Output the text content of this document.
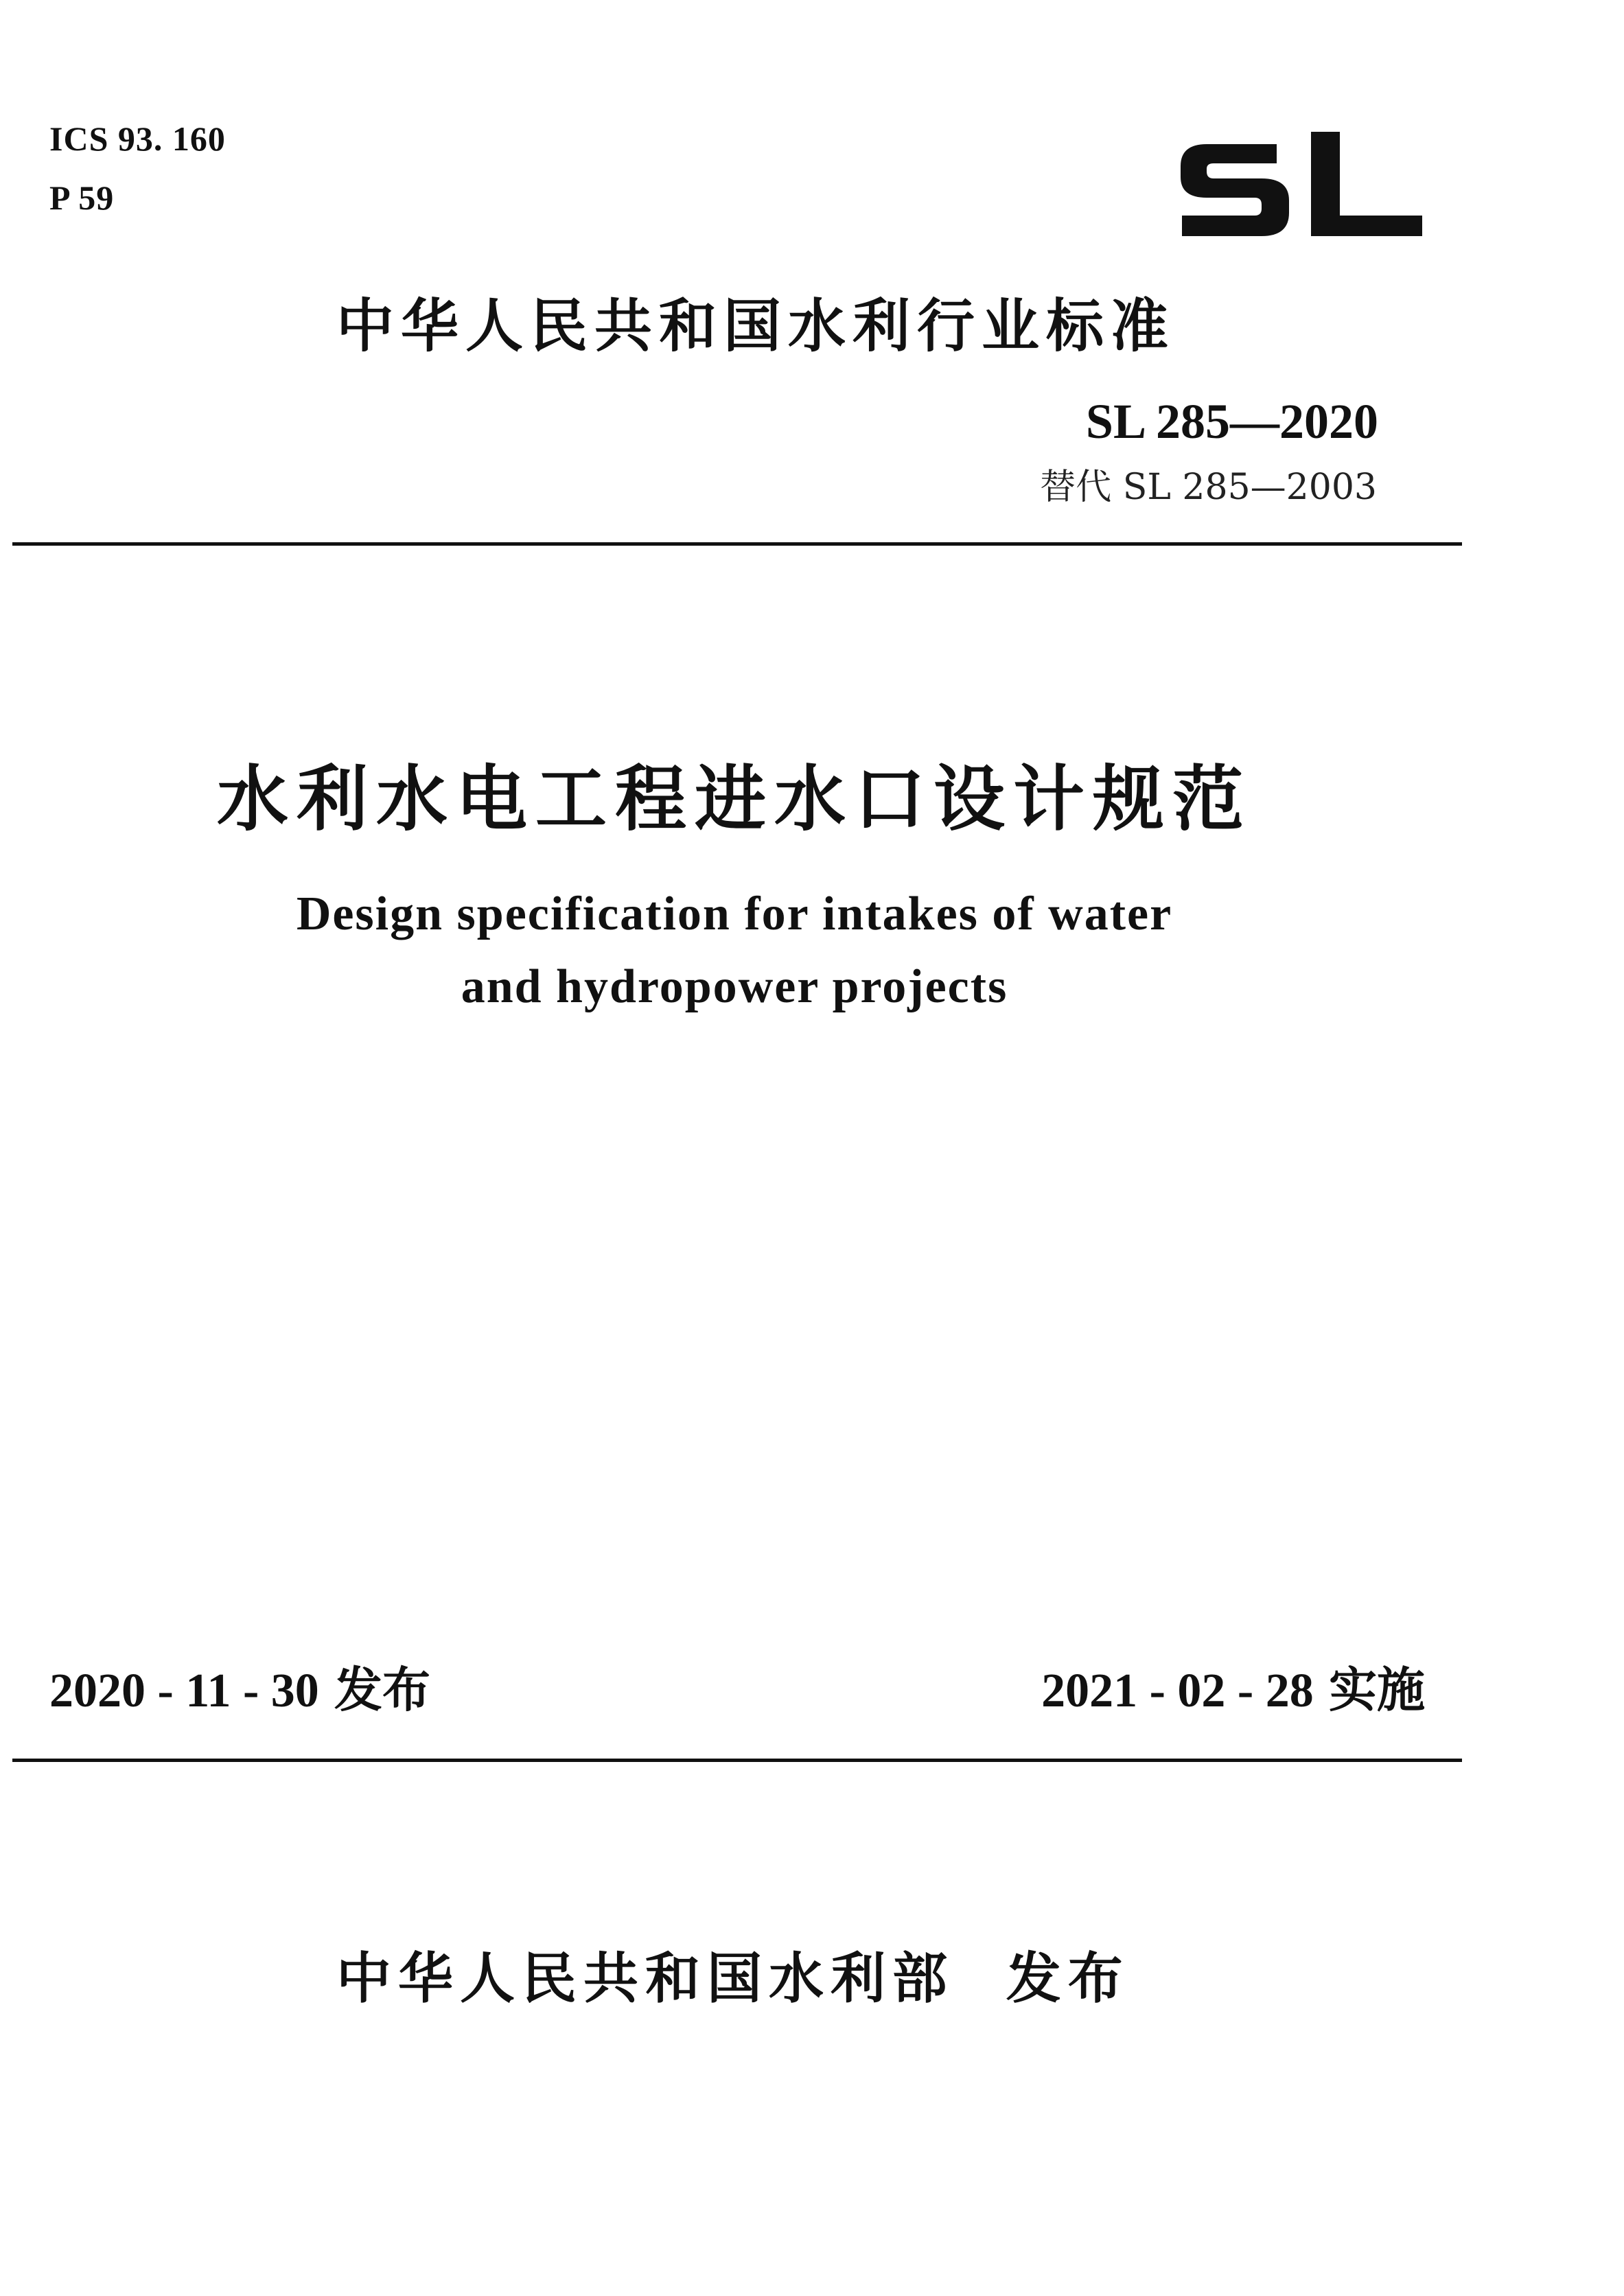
ICS 93. 160

P 59

中华人民共和国水利行业标准

SL 285—2020

替代 SL 285—2003

水利水电工程进水口设计规范

Design specification for intakes of water

and hydropower projects

2020 - 11 - 30 发布	2021 - 02 - 28 实施

中华人民共和国水利部 发布
